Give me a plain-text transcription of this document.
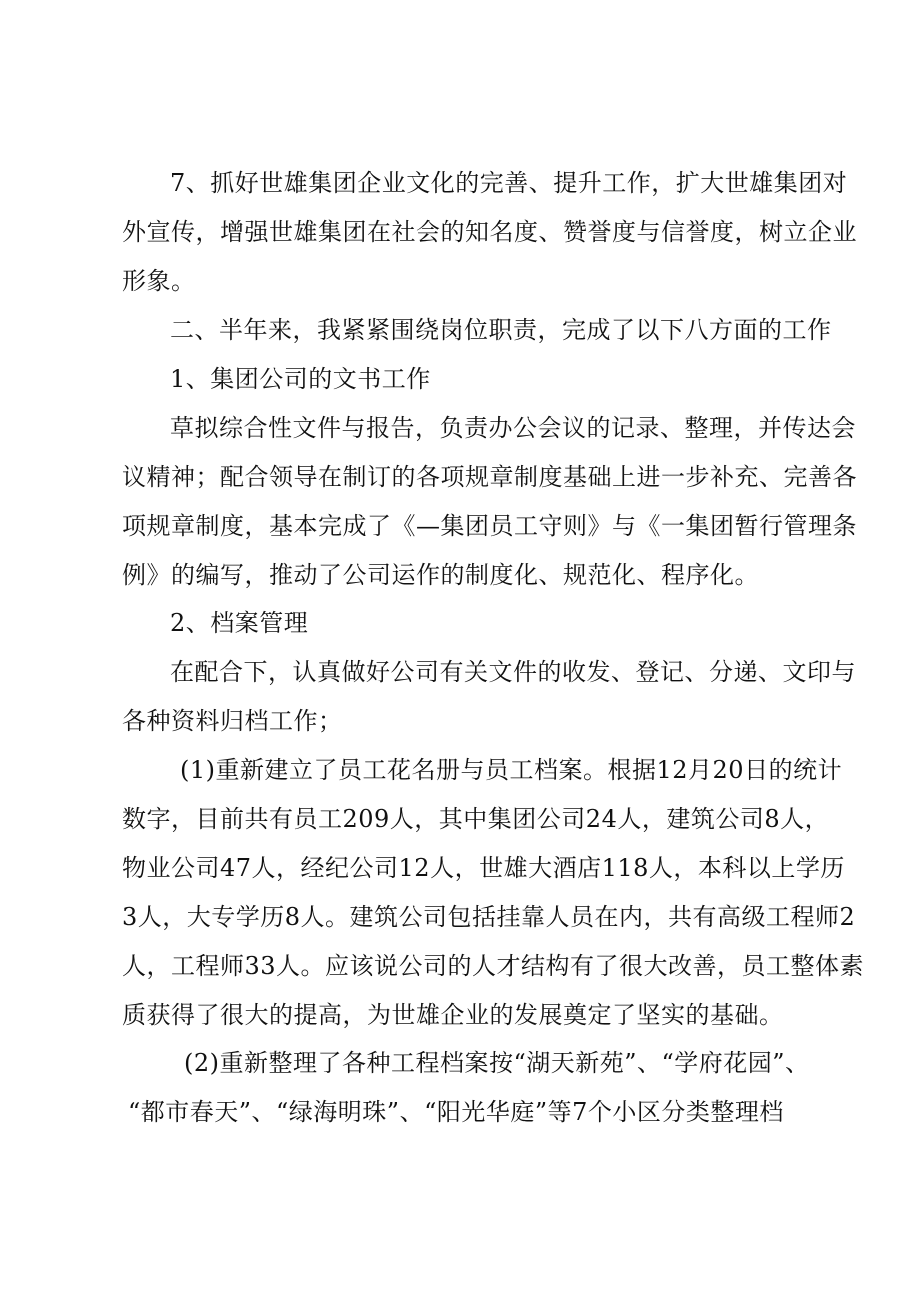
7、抓好世雄集团企业文化的完善、提升工作，扩大世雄集团对
外宣传，增强世雄集团在社会的知名度、赞誉度与信誉度，树立企业
形象。
二、半年来，我紧紧围绕岗位职责，完成了以下八方面的工作
1、集团公司的文书工作
草拟综合性文件与报告，负责办公会议的记录、整理，并传达会
议精神；配合领导在制订的各项规章制度基础上进一步补充、完善各
项规章制度，基本完成了《—集团员工守则》与《一集团暂行管理条
例》的编写，推动了公司运作的制度化、规范化、程序化。
2、档案管理
在配合下，认真做好公司有关文件的收发、登记、分递、文印与
各种资料归档工作；
(1)重新建立了员工花名册与员工档案。根据12月20日的统计
数字，目前共有员工209人，其中集团公司24人，建筑公司8人，
物业公司47人，经纪公司12人，世雄大酒店118人，本科以上学历
3人，大专学历8人。建筑公司包括挂靠人员在内，共有高级工程师2
人，工程师33人。应该说公司的人才结构有了很大改善，员工整体素
质获得了很大的提高，为世雄企业的发展奠定了坚实的基础。
(2)重新整理了各种工程档案按“湖天新苑”、“学府花园”、
“都市春天”、“绿海明珠”、“阳光华庭”等7个小区分类整理档
